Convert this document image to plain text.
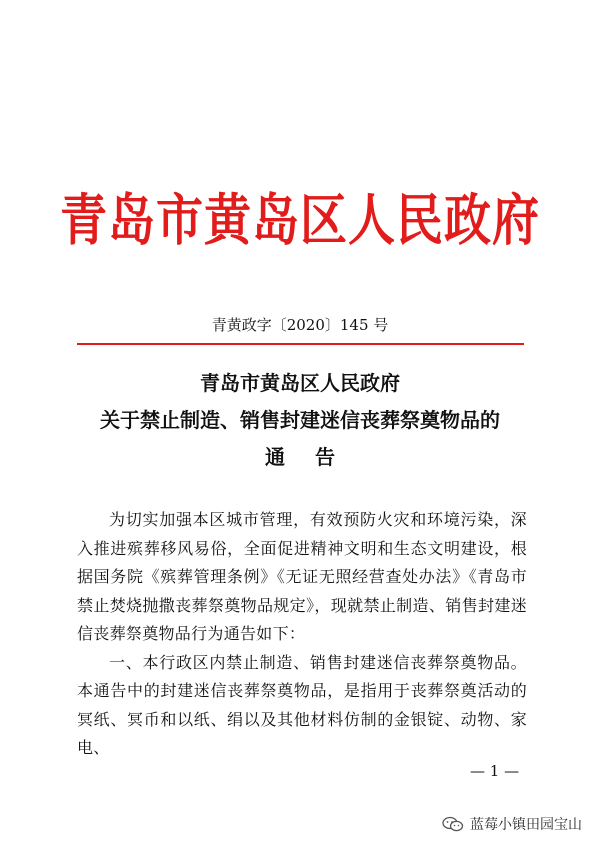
青岛市黄岛区人民政府
青黄政字〔2020〕145 号
青岛市黄岛区人民政府
关于禁止制造、销售封建迷信丧葬祭奠物品的
通告

为切实加强本区城市管理，有效预防火灾和环境污染，深入推进殡葬移风易俗，全面促进精神文明和生态文明建设，根据国务院《殡葬管理条例》《无证无照经营查处办法》《青岛市禁止焚烧抛撒丧葬祭奠物品规定》，现就禁止制造、销售封建迷信丧葬祭奠物品行为通告如下：

一、本行政区内禁止制造、销售封建迷信丧葬祭奠物品。本通告中的封建迷信丧葬祭奠物品，是指用于丧葬祭奠活动的冥纸、冥币和以纸、绢以及其他材料仿制的金银锭、动物、家电、

— 1 —
蓝莓小镇田园宝山
